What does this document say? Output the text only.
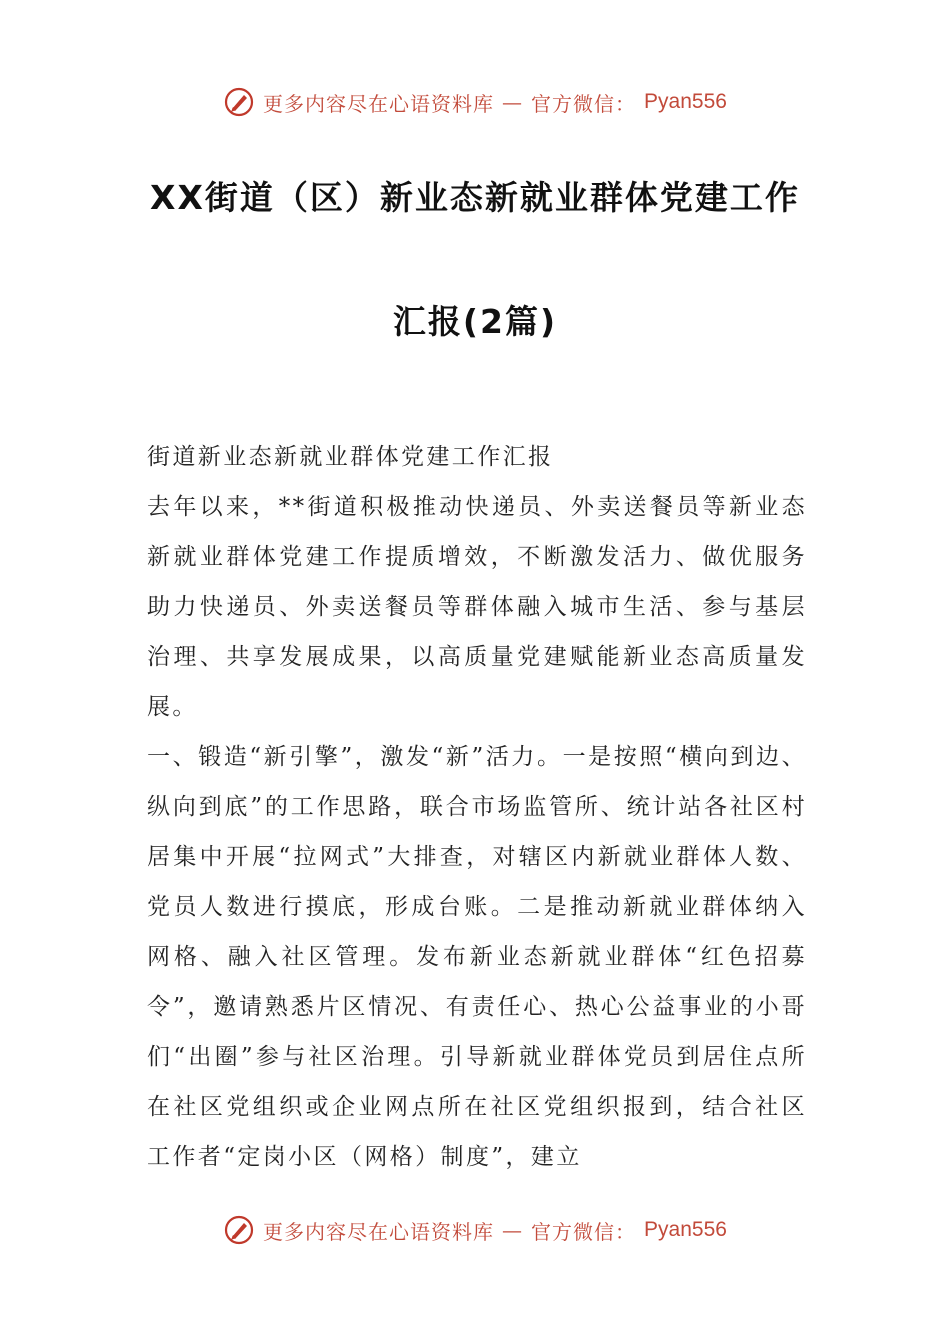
更多内容尽在心语资料库 — 官方微信： Pyan556
XX街道（区）新业态新就业群体党建工作
汇报(2篇)

街道新业态新就业群体党建工作汇报

去年以来，**街道积极推动快递员、外卖送餐员等新业态新就业群体党建工作提质增效，不断激发活力、做优服务助力快递员、外卖送餐员等群体融入城市生活、参与基层治理、共享发展成果，以高质量党建赋能新业态高质量发展。

一、锻造“新引擎”，激发“新”活力。一是按照“横向到边、纵向到底”的工作思路，联合市场监管所、统计站各社区村居集中开展“拉网式”大排查，对辖区内新就业群体人数、党员人数进行摸底，形成台账。二是推动新就业群体纳入网格、融入社区管理。发布新业态新就业群体“红色招募令”，邀请熟悉片区情况、有责任心、热心公益事业的小哥们“出圈”参与社区治理。引导新就业群体党员到居住点所在社区党组织或企业网点所在社区党组织报到，结合社区工作者“定岗小区（网格）制度”，建立

更多内容尽在心语资料库 — 官方微信： Pyan556
